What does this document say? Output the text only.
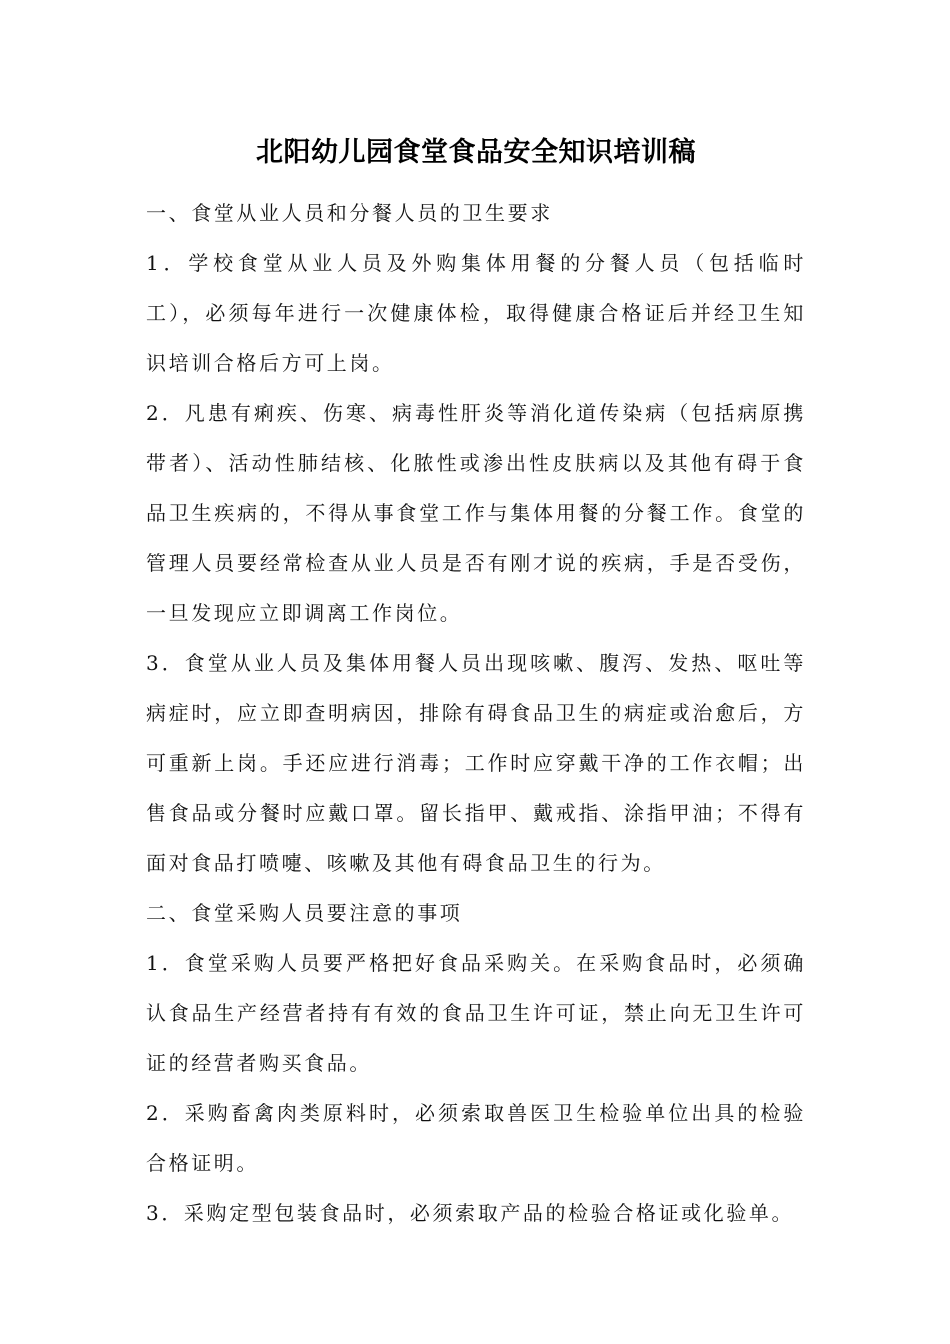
北阳幼儿园食堂食品安全知识培训稿

一、食堂从业人员和分餐人员的卫生要求

1．学校食堂从业人员及外购集体用餐的分餐人员（包括临时工），必须每年进行一次健康体检，取得健康合格证后并经卫生知识培训合格后方可上岗。

2．凡患有痢疾、伤寒、病毒性肝炎等消化道传染病（包括病原携带者）、活动性肺结核、化脓性或渗出性皮肤病以及其他有碍于食品卫生疾病的，不得从事食堂工作与集体用餐的分餐工作。食堂的管理人员要经常检查从业人员是否有刚才说的疾病，手是否受伤，一旦发现应立即调离工作岗位。

3．食堂从业人员及集体用餐人员出现咳嗽、腹泻、发热、呕吐等病症时，应立即查明病因，排除有碍食品卫生的病症或治愈后，方可重新上岗。手还应进行消毒；工作时应穿戴干净的工作衣帽；出售食品或分餐时应戴口罩。留长指甲、戴戒指、涂指甲油；不得有面对食品打喷嚏、咳嗽及其他有碍食品卫生的行为。

二、食堂采购人员要注意的事项

1．食堂采购人员要严格把好食品采购关。在采购食品时，必须确认食品生产经营者持有有效的食品卫生许可证，禁止向无卫生许可证的经营者购买食品。

2．采购畜禽肉类原料时，必须索取兽医卫生检验单位出具的检验合格证明。

3．采购定型包装食品时，必须索取产品的检验合格证或化验单。
